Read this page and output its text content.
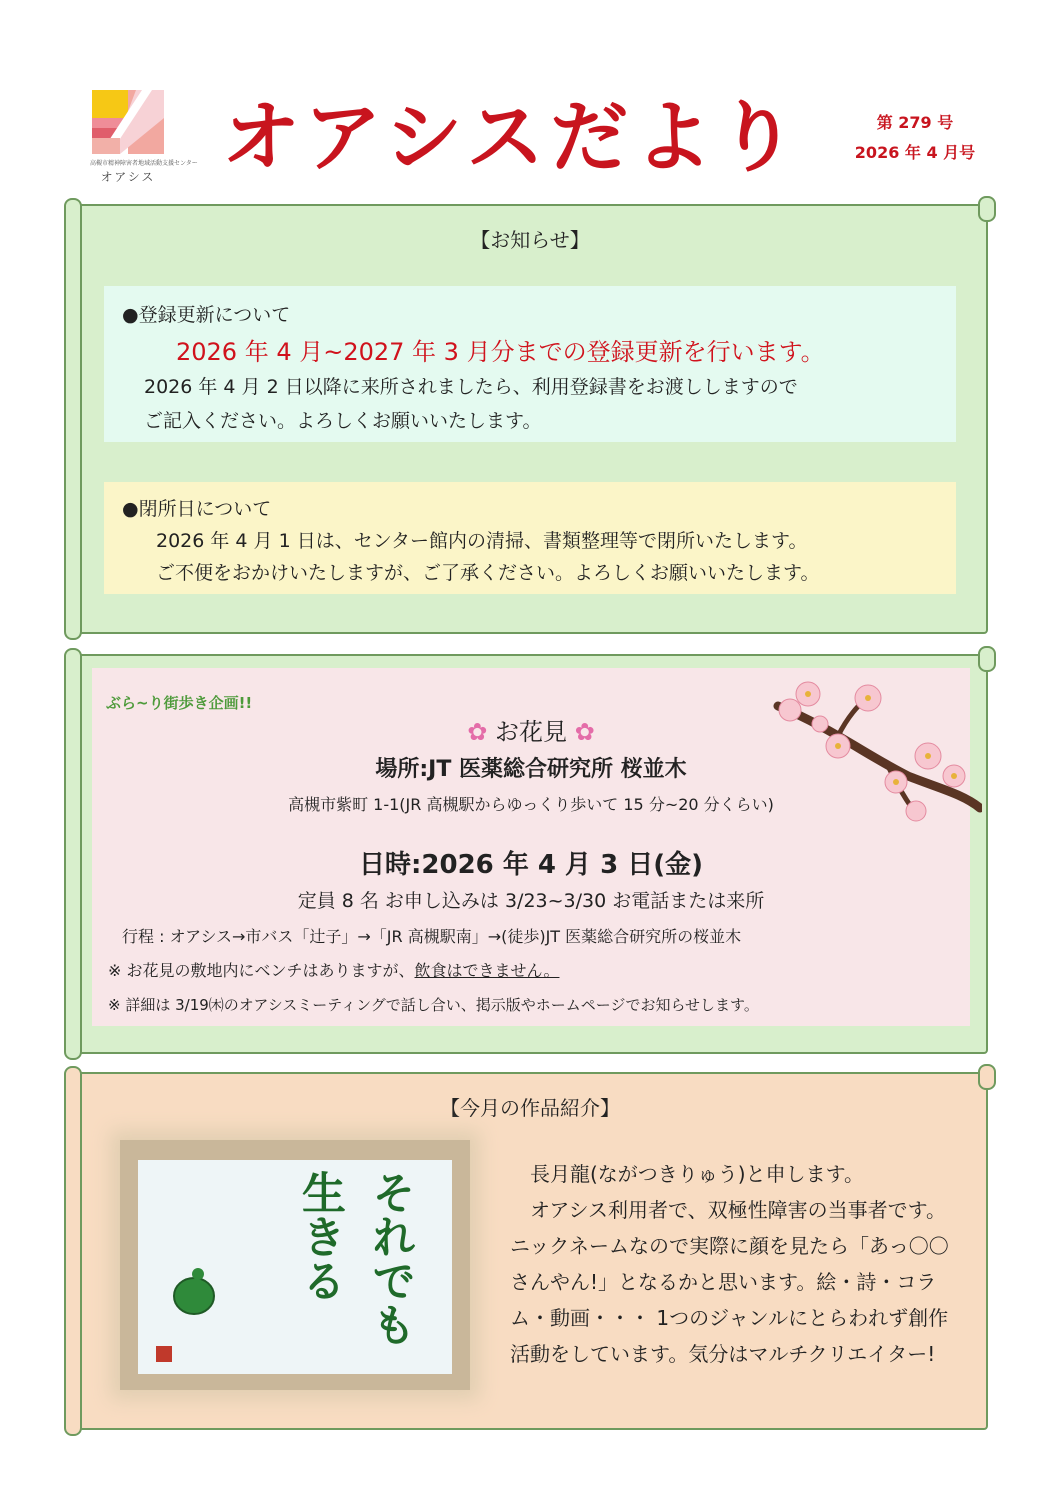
高槻市精神障害者地域活動支援センター
オアシス オアシスだより	第 279 号
2026 年 4 月号
【お知らせ】
●登録更新について
2026 年 4 月~2027 年 3 月分までの登録更新を行います。
2026 年 4 月 2 日以降に来所されましたら、利用登録書をお渡ししますので
ご記入ください。よろしくお願いいたします。
●閉所日について
2026 年 4 月 1 日は、センター館内の清掃、書類整理等で閉所いたします。
ご不便をおかけいたしますが、ご了承ください。よろしくお願いいたします。
ぶら~り街歩き企画!!
✿ お花見 ✿
場所:JT 医薬総合研究所 桜並木
高槻市紫町 1-1(JR 高槻駅からゆっくり歩いて 15 分~20 分くらい)
日時:2026 年 4 月 3 日(金)
定員 8 名 お申し込みは 3/23~3/30 お電話または来所
行程 : オアシス→市バス「辻子」→「JR 高槻駅南」→(徒歩)JT 医薬総合研究所の桜並木
※ お花見の敷地内にベンチはありますが、飲食はできません。
※ 詳細は 3/19㈭のオアシスミーティングで話し合い、掲示版やホームページでお知らせします。
【今月の作品紹介】
それでも生きる	長月龍(ながつきりゅう)と申します。

オアシス利用者で、双極性障害の当事者です。ニックネームなので実際に顔を見たら「あっ〇〇さんやん!」となるかと思います。絵・詩・コラム・動画・・・ 1つのジャンルにとらわれず創作活動をしています。気分はマルチクリエイター!
